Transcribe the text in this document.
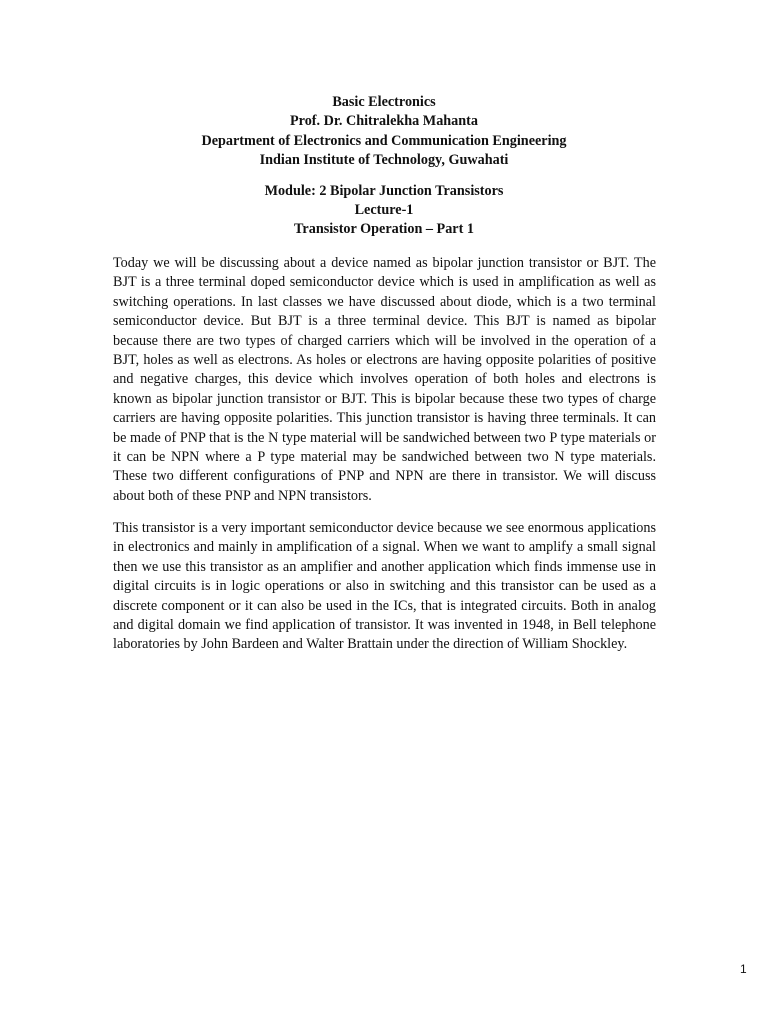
Basic Electronics
Prof. Dr. Chitralekha Mahanta
Department of Electronics and Communication Engineering
Indian Institute of Technology, Guwahati
Module: 2 Bipolar Junction Transistors
Lecture-1
Transistor Operation – Part 1

Today we will be discussing about a device named as bipolar junction transistor or BJT. The BJT is a three terminal doped semiconductor device which is used in amplification as well as switching operations. In last classes we have discussed about diode, which is a two terminal semiconductor device. But BJT is a three terminal device. This BJT is named as bipolar because there are two types of charged carriers which will be involved in the operation of a BJT, holes as well as electrons. As holes or electrons are having opposite polarities of positive and negative charges, this device which involves operation of both holes and electrons is known as bipolar junction transistor or BJT. This is bipolar because these two types of charge carriers are having opposite polarities. This junction transistor is having three terminals. It can be made of PNP that is the N type material will be sandwiched between two P type materials or it can be NPN where a P type material may be sandwiched between two N type materials. These two different configurations of PNP and NPN are there in transistor. We will discuss about both of these PNP and NPN transistors.

This transistor is a very important semiconductor device because we see enormous applications in electronics and mainly in amplification of a signal. When we want to amplify a small signal then we use this transistor as an amplifier and another application which finds immense use in digital circuits is in logic operations or also in switching and this transistor can be used as a discrete component or it can also be used in the ICs, that is integrated circuits. Both in analog and digital domain we find application of transistor. It was invented in 1948, in Bell telephone laboratories by John Bardeen and Walter Brattain under the direction of William Shockley.

1
